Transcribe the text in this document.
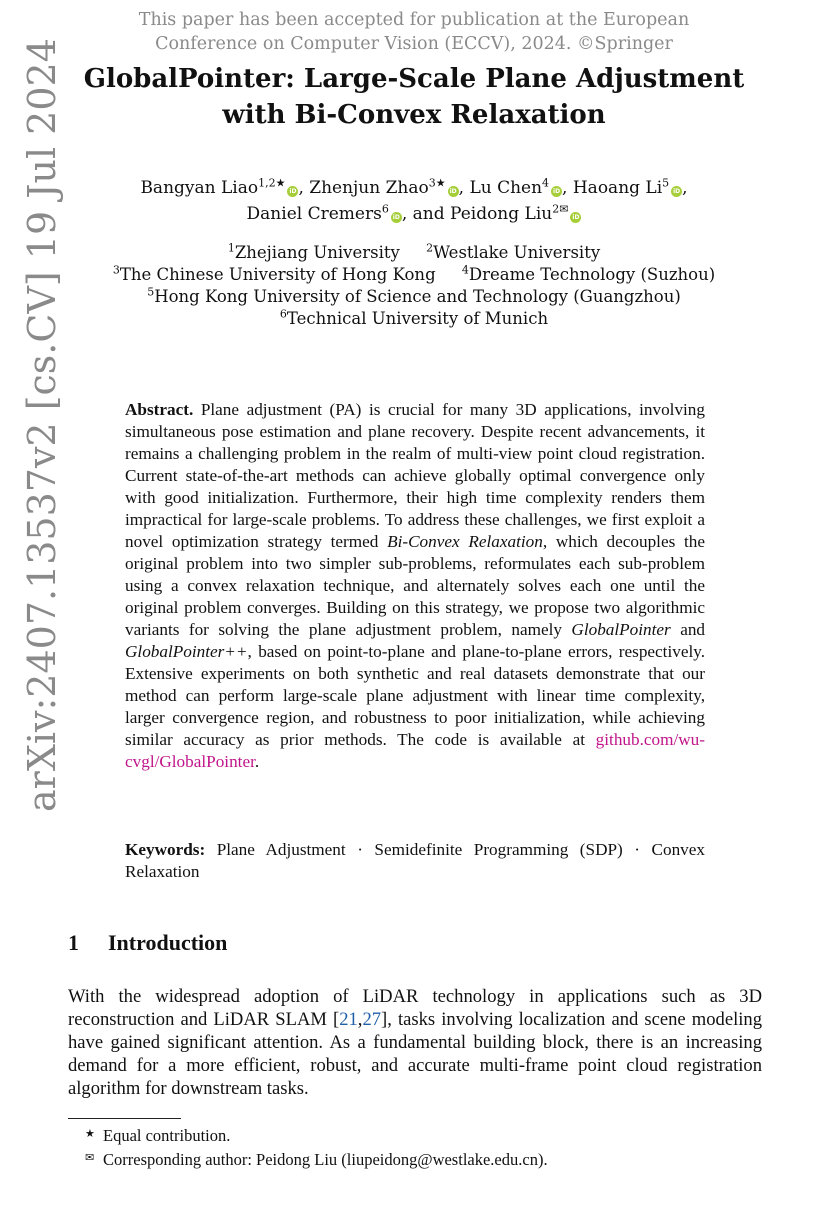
This paper has been accepted for publication at the European
Conference on Computer Vision (ECCV), 2024. ©Springer
arXiv:2407.13537v2 [cs.CV] 19 Jul 2024 GlobalPointer: Large-Scale Plane Adjustment
with Bi-Convex Relaxation
Bangyan Liao$^{1,2★}$iD , Zhenjun Zhao$^{3★}$iD , Lu Chen$^4$iD , Haoang Li$^5$iD ,
Daniel Cremers$^6$iD , and Peidong Liu$^{2✉}$iD
$^1$Zhejiang University $^2$Westlake University
$^3$The Chinese University of Hong Kong $^4$Dreame Technology (Suzhou)
$^5$Hong Kong University of Science and Technology (Guangzhou)
$^6$Technical University of Munich
Abstract. Plane adjustment (PA) is crucial for many 3D applications, involving simultaneous pose estimation and plane recovery. Despite recent advancements, it remains a challenging problem in the realm of multi-view point cloud registration. Current state-of-the-art methods can achieve globally optimal convergence only with good initialization. Furthermore, their high time complexity renders them impractical for large-scale problems. To address these challenges, we first exploit a novel optimization strategy termed Bi-Convex Relaxation, which decouples the original problem into two simpler sub-problems, reformulates each sub-problem using a convex relaxation technique, and alternately solves each one until the original problem converges. Building on this strategy, we propose two algorithmic variants for solving the plane adjustment problem, namely GlobalPointer and GlobalPointer++, based on point-to-plane and plane-to-plane errors, respectively. Extensive experiments on both synthetic and real datasets demonstrate that our method can perform large-scale plane adjustment with linear time complexity, larger convergence region, and robustness to poor initialization, while achieving similar accuracy as prior methods. The code is available at github.com/wu-cvgl/GlobalPointer.
Keywords: Plane Adjustment · Semidefinite Programming (SDP) · Convex Relaxation
1 Introduction
With the widespread adoption of LiDAR technology in applications such as 3D reconstruction and LiDAR SLAM [21,27], tasks involving localization and scene modeling have gained significant attention. As a fundamental building block, there is an increasing demand for a more efficient, robust, and accurate multi-frame point cloud registration algorithm for downstream tasks.
★ Equal contribution.
✉ Corresponding author: Peidong Liu (liupeidong@westlake.edu.cn).
